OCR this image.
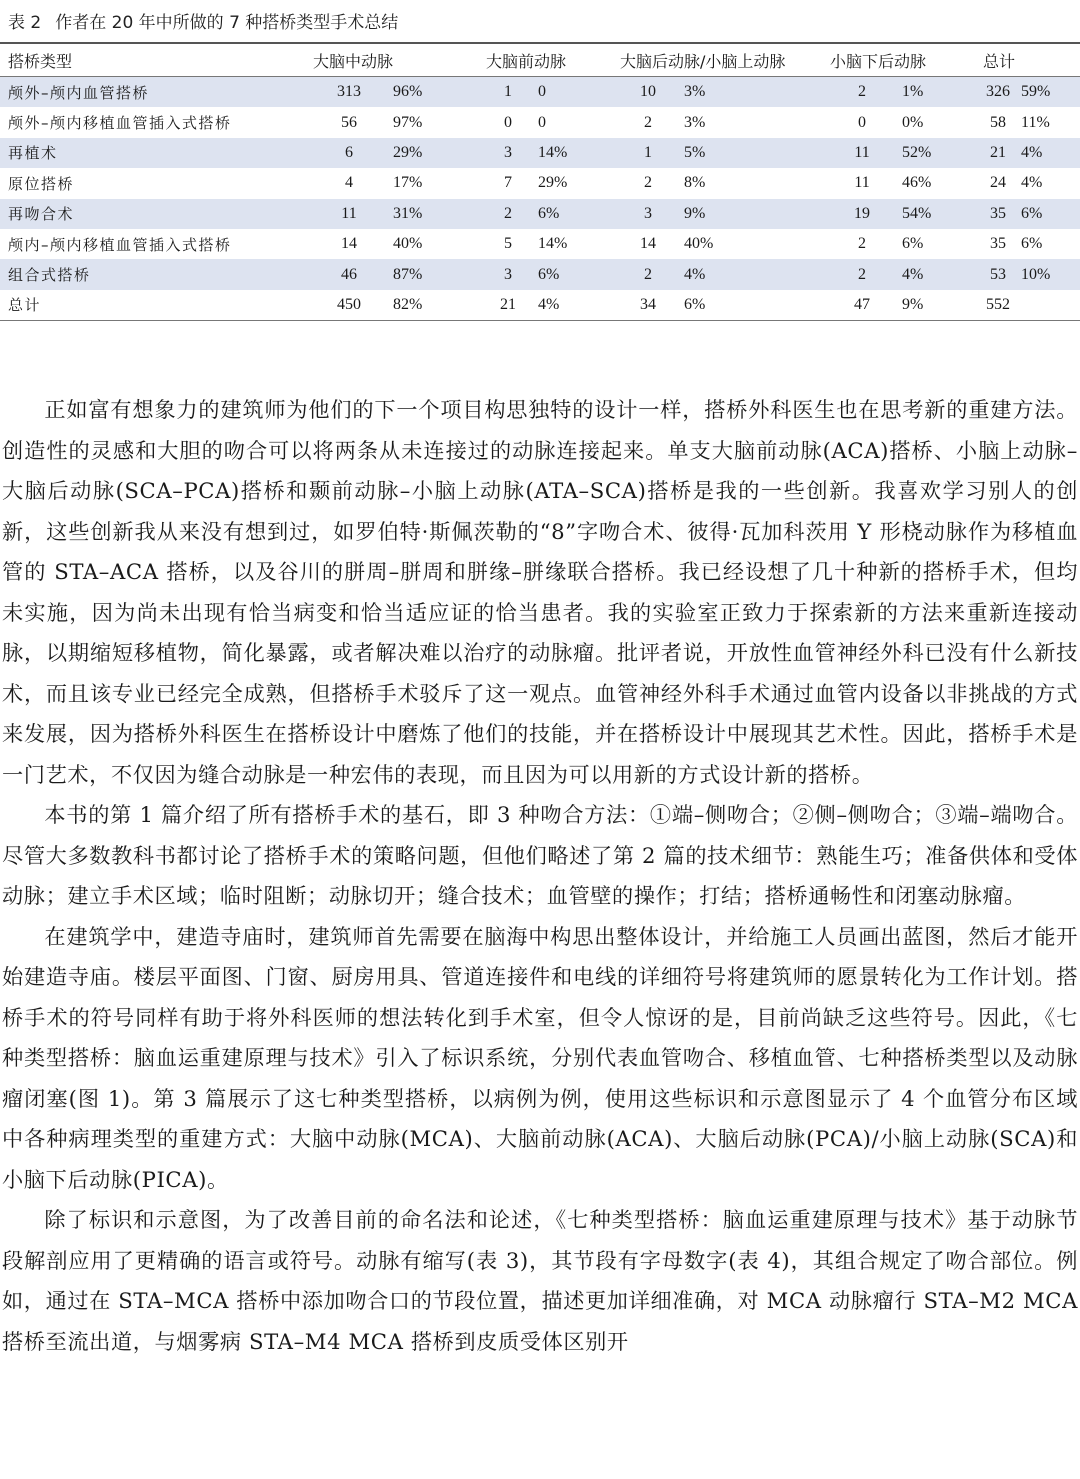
表 2 作者在 20 年中所做的 7 种搭桥类型手术总结
搭桥类型	大脑中动脉		大脑前动脉		大脑后动脉/小脑上动脉		小脑下后动脉		总计	
颅外–颅内血管搭桥	313	96%	1	0	10	3%	2	1%	326	59%
颅外–颅内移植血管插入式搭桥	56	97%	0	0	2	3%	0	0%	58	11%
再植术	6	29%	3	14%	1	5%	11	52%	21	4%
原位搭桥	4	17%	7	29%	2	8%	11	46%	24	4%
再吻合术	11	31%	2	6%	3	9%	19	54%	35	6%
颅内–颅内移植血管插入式搭桥	14	40%	5	14%	14	40%	2	6%	35	6%
组合式搭桥	46	87%	3	6%	2	4%	2	4%	53	10%
总计	450	82%	21	4%	34	6%	47	9%	552	

正如富有想象力的建筑师为他们的下一个项目构思独特的设计一样，搭桥外科医生也在思考新的重建方法。创造性的灵感和大胆的吻合可以将两条从未连接过的动脉连接起来。单支大脑前动脉(ACA)搭桥、小脑上动脉–大脑后动脉(SCA–PCA)搭桥和颞前动脉–小脑上动脉(ATA–SCA)搭桥是我的一些创新。我喜欢学习别人的创新，这些创新我从来没有想到过，如罗伯特·斯佩茨勒的“8”字吻合术、彼得·瓦加科茨用 Y 形桡动脉作为移植血管的 STA–ACA 搭桥，以及谷川的胼周–胼周和胼缘–胼缘联合搭桥。我已经设想了几十种新的搭桥手术，但均未实施，因为尚未出现有恰当病变和恰当适应证的恰当患者。我的实验室正致力于探索新的方法来重新连接动脉，以期缩短移植物，简化暴露，或者解决难以治疗的动脉瘤。批评者说，开放性血管神经外科已没有什么新技术，而且该专业已经完全成熟，但搭桥手术驳斥了这一观点。血管神经外科手术通过血管内设备以非挑战的方式来发展，因为搭桥外科医生在搭桥设计中磨炼了他们的技能，并在搭桥设计中展现其艺术性。因此，搭桥手术是一门艺术，不仅因为缝合动脉是一种宏伟的表现，而且因为可以用新的方式设计新的搭桥。

本书的第 1 篇介绍了所有搭桥手术的基石，即 3 种吻合方法：①端–侧吻合；②侧–侧吻合；③端–端吻合。尽管大多数教科书都讨论了搭桥手术的策略问题，但他们略述了第 2 篇的技术细节：熟能生巧；准备供体和受体动脉；建立手术区域；临时阻断；动脉切开；缝合技术；血管壁的操作；打结；搭桥通畅性和闭塞动脉瘤。

在建筑学中，建造寺庙时，建筑师首先需要在脑海中构思出整体设计，并给施工人员画出蓝图，然后才能开始建造寺庙。楼层平面图、门窗、厨房用具、管道连接件和电线的详细符号将建筑师的愿景转化为工作计划。搭桥手术的符号同样有助于将外科医师的想法转化到手术室，但令人惊讶的是，目前尚缺乏这些符号。因此，《七种类型搭桥：脑血运重建原理与技术》引入了标识系统，分别代表血管吻合、移植血管、七种搭桥类型以及动脉瘤闭塞(图 1)。第 3 篇展示了这七种类型搭桥，以病例为例，使用这些标识和示意图显示了 4 个血管分布区域中各种病理类型的重建方式：大脑中动脉(MCA)、大脑前动脉(ACA)、大脑后动脉(PCA)/小脑上动脉(SCA)和小脑下后动脉(PICA)。

除了标识和示意图，为了改善目前的命名法和论述，《七种类型搭桥：脑血运重建原理与技术》基于动脉节段解剖应用了更精确的语言或符号。动脉有缩写(表 3)，其节段有字母数字(表 4)，其组合规定了吻合部位。例如，通过在 STA–MCA 搭桥中添加吻合口的节段位置，描述更加详细准确，对 MCA 动脉瘤行 STA–M2 MCA 搭桥至流出道，与烟雾病 STA–M4 MCA 搭桥到皮质受体区别开
